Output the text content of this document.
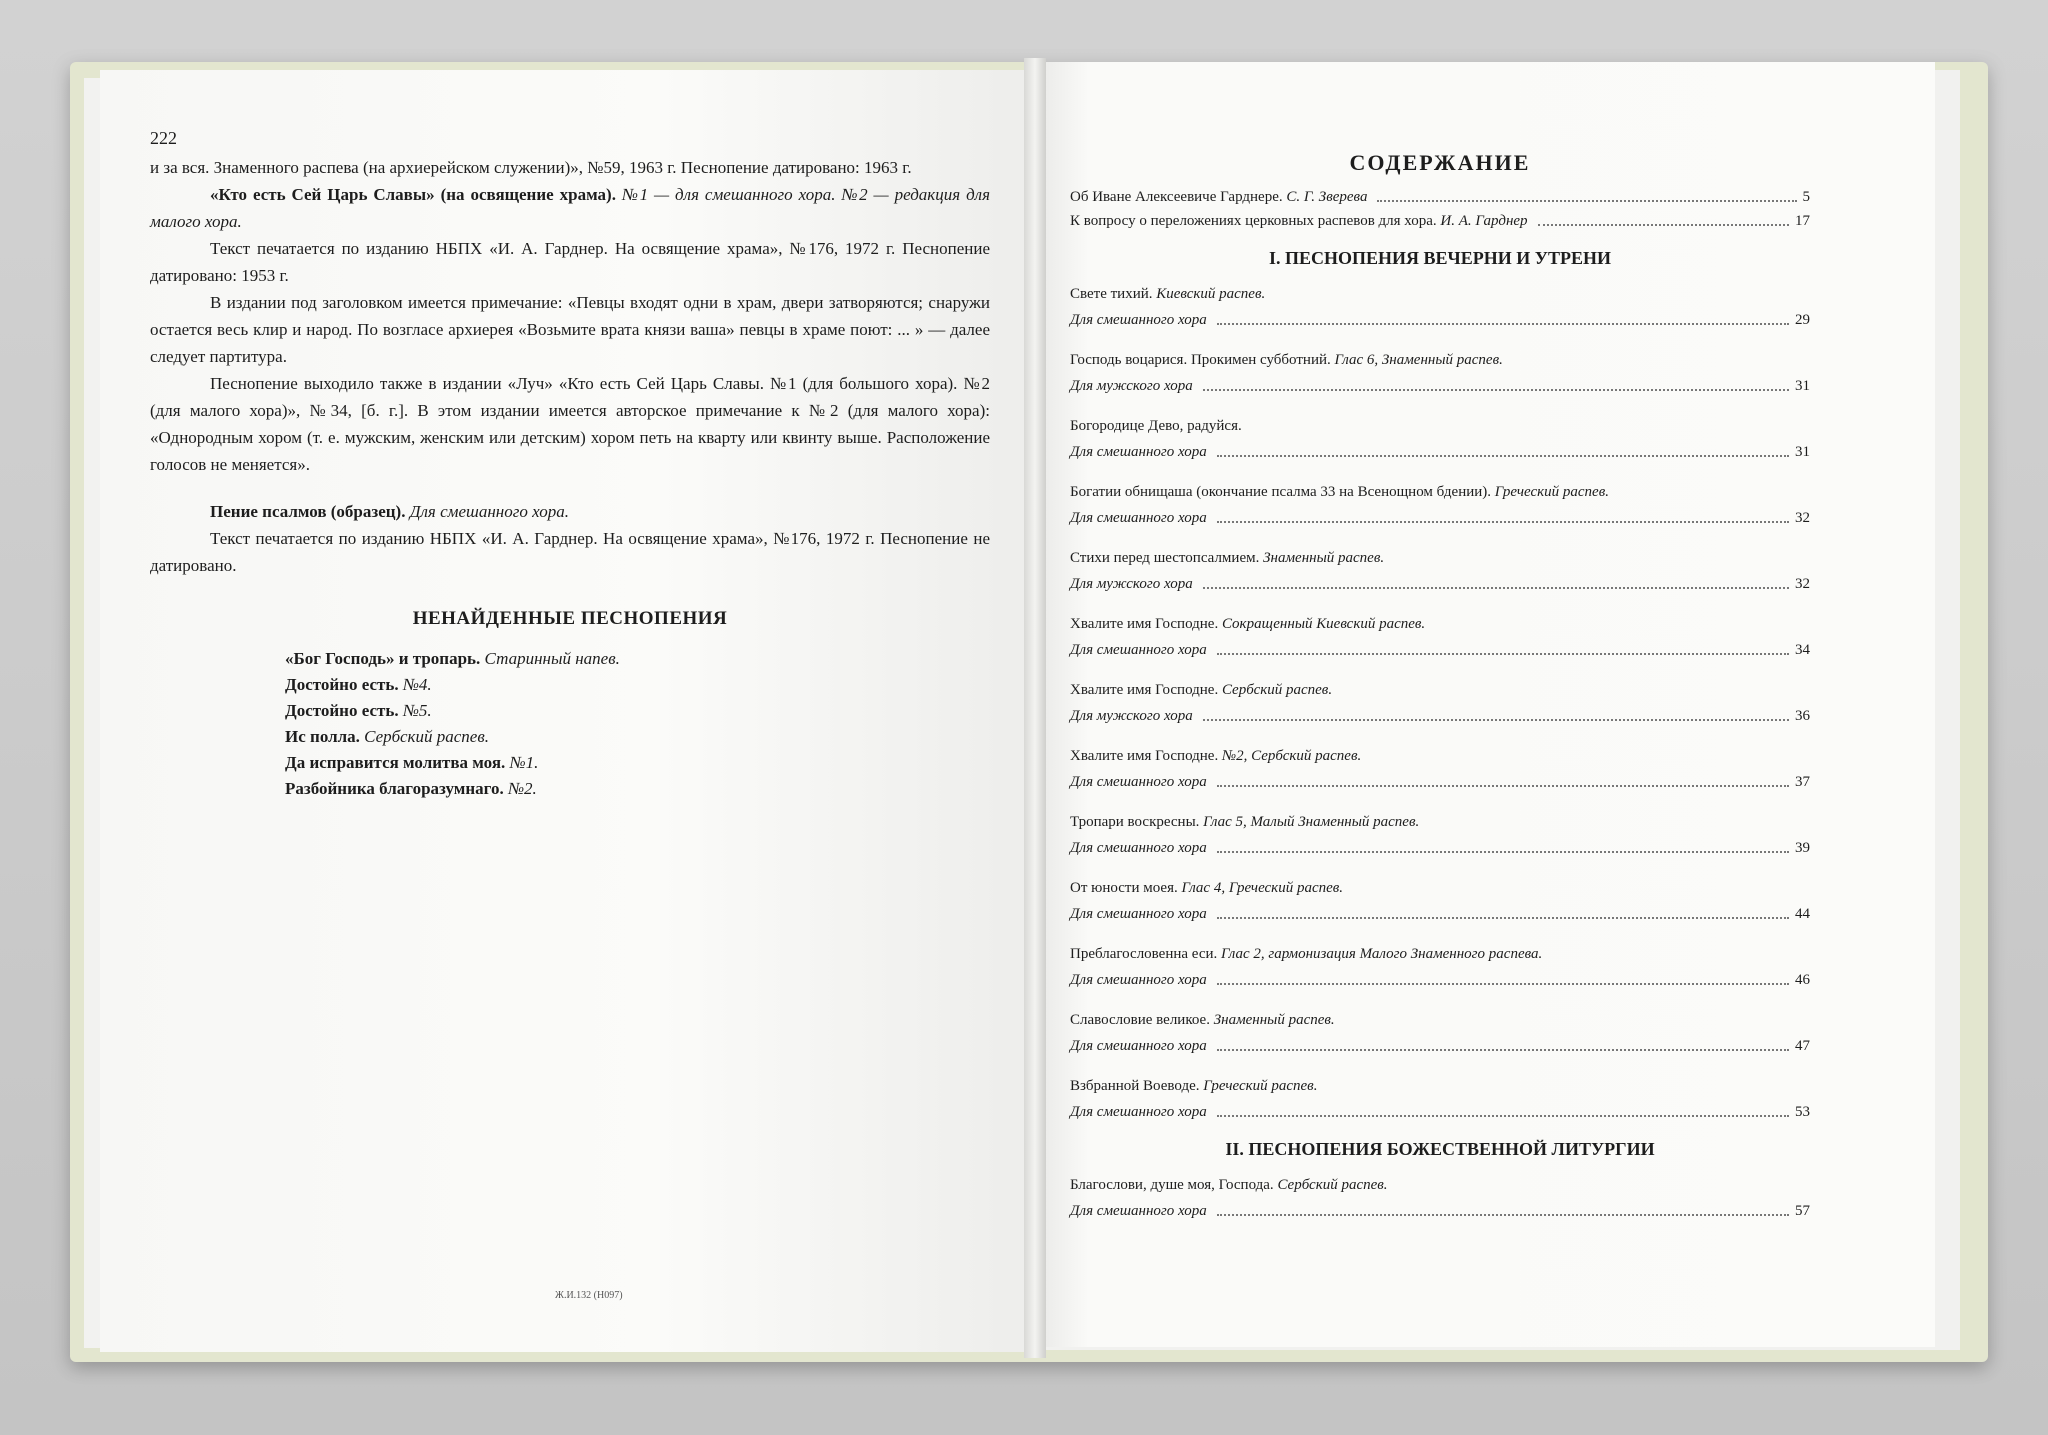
222

и за вся. Знаменного распева (на архиерейском служении)», №59, 1963 г. Песнопение датировано: 1963 г.

«Кто есть Сей Царь Славы» (на освящение храма). №1 — для смешанного хора. №2 — редакция для малого хора.

Текст печатается по изданию НБПХ «И. А. Гарднер. На освящение храма», №176, 1972 г. Песнопение датировано: 1953 г.

В издании под заголовком имеется примечание: «Певцы входят одни в храм, двери затворяются; снаружи остается весь клир и народ. По возгласе архиерея «Возьмите врата князи ваша» певцы в храме поют: ... » — далее следует партитура.

Песнопение выходило также в издании «Луч» «Кто есть Сей Царь Славы. №1 (для большого хора). №2 (для малого хора)», №34, [б. г.]. В этом издании имеется авторское примечание к №2 (для малого хора): «Однородным хором (т. е. мужским, женским или детским) хором петь на кварту или квинту выше. Расположение голосов не меняется».

Пение псалмов (образец). Для смешанного хора.

Текст печатается по изданию НБПХ «И. А. Гарднер. На освящение храма», №176, 1972 г. Песнопение не датировано.

НЕНАЙДЕННЫЕ ПЕСНОПЕНИЯ
«Бог Господь» и тропарь. Старинный напев.
Достойно есть. №4.
Достойно есть. №5.
Ис полла. Сербский распев.
Да исправится молитва моя. №1.
Разбойника благоразумнаго. №2.
Ж.И.132 (Н097)
СОДЕРЖАНИЕ
Об Иване Алексеевиче Гарднере. С. Г. Зверева	5
К вопросу о переложениях церковных распевов для хора. И. А. Гарднер	17
I. ПЕСНОПЕНИЯ ВЕЧЕРНИ И УТРЕНИ
Свете тихий. Киевский распев.
Для смешанного хора	29
Господь воцарися. Прокимен субботний. Глас 6, Знаменный распев.
Для мужского хора	31
Богородице Дево, радуйся.
Для смешанного хора	31
Богатии обнищаша (окончание псалма 33 на Всенощном бдении). Греческий распев.
Для смешанного хора	32
Стихи перед шестопсалмием. Знаменный распев.
Для мужского хора	32
Хвалите имя Господне. Сокращенный Киевский распев.
Для смешанного хора	34
Хвалите имя Господне. Сербский распев.
Для мужского хора	36
Хвалите имя Господне. №2, Сербский распев.
Для смешанного хора	37
Тропари воскресны. Глас 5, Малый Знаменный распев.
Для смешанного хора	39
От юности моея. Глас 4, Греческий распев.
Для смешанного хора	44
Преблагословенна еси. Глас 2, гармонизация Малого Знаменного распева.
Для смешанного хора	46
Славословие великое. Знаменный распев.
Для смешанного хора	47
Взбранной Воеводе. Греческий распев.
Для смешанного хора	53
II. ПЕСНОПЕНИЯ БОЖЕСТВЕННОЙ ЛИТУРГИИ
Благослови, душе моя, Господа. Сербский распев.
Для смешанного хора	57
